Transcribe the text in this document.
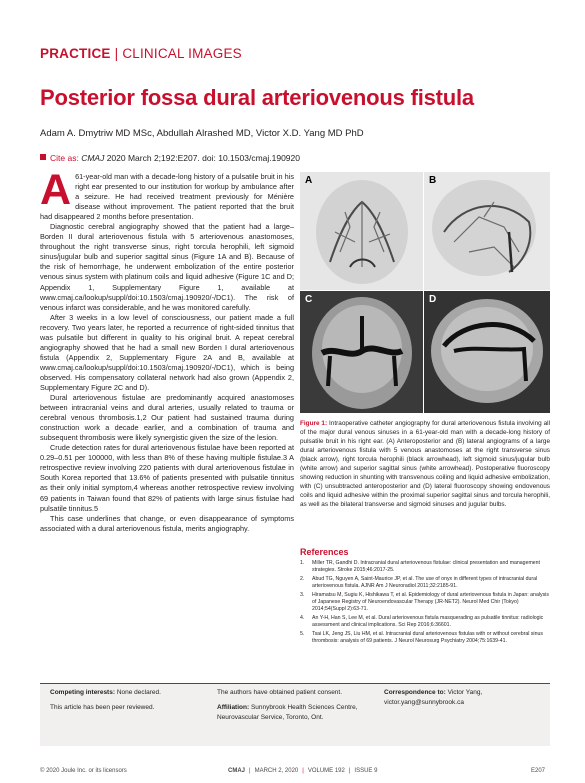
PRACTICE | CLINICAL IMAGES
Posterior fossa dural arteriovenous fistula
Adam A. Dmytriw MD MSc, Abdullah Alrashed MD, Victor X.D. Yang MD PhD
Cite as: CMAJ 2020 March 2;192:E207. doi: 10.1503/cmaj.190920

A 61-year-old man with a decade-long history of a pulsatile bruit in his right ear presented to our institution for workup by ambulance after a seizure. He had received treatment previously for Ménière disease without improvement. The patient reported that the bruit had disappeared 2 months before presentation.

Diagnostic cerebral angiography showed that the patient had a large–Borden II dural arteriovenous fistula with 5 arteriovenous anastomoses, throughout the right transverse sinus, right torcula herophili, left sigmoid sinus/jugular bulb and superior sagittal sinus (Figure 1A and B). Because of the risk of hemorrhage, he underwent embolization of the entire posterior venous sinus system with platinum coils and liquid adhesive (Figure 1C and D; Appendix 1, Supplementary Figure 1, available at www.cmaj.ca/lookup/suppl/doi:10.1503/cmaj.190920/-/DC1). The risk of venous infarct was considerable, and he was monitored carefully.

After 3 weeks in a low level of consciousness, our patient made a full recovery. Two years later, he reported a recurrence of right-sided tinnitus that was pulsatile but different in quality to his original bruit. A repeat cerebral angiography showed that he had a small new Borden I dural arteriovenous fistula (Appendix 2, Supplementary Figure 2A and B, available at www.cmaj.ca/lookup/suppl/doi:10.1503/cmaj.190920/-/DC1), which is being observed. His compensatory collateral network had also grown (Appendix 2, Supplementary Figure 2C and D).

Dural arteriovenous fistulae are predominantly acquired anastomoses between intracranial veins and dural arteries, usually related to trauma or cerebral venous thrombosis.1,2 Our patient had sustained trauma during construction work a decade earlier, and a combination of trauma and subsequent thrombosis were likely synergistic given the size of the lesion.

Crude detection rates for dural arteriovenous fistulae have been reported at 0.29–0.51 per 100000, with less than 8% of these having multiple fistulae.3 A retrospective review involving 220 patients with dural arteriovenous fistulae in South Korea reported that 13.6% of patients presented with pulsatile tinnitus as their only initial symptom,4 whereas another retrospective review involving 69 patients in Taiwan found that 82% of patients with large sinus fistulae had pulsatile tinnitus.5

This case underlines that change, or even disappearance of symptoms associated with a dural arteriovenous fistula, merits angiography.

A	B
C	D
Figure 1: Intraoperative catheter angiography for dural arteriovenous fistula involving all of the major dural venous sinuses in a 61-year-old man with a decade-long history of pulsatile bruit in his right ear. (A) Anteroposterior and (B) lateral angiograms of a large dural arteriovenous fistula with 5 venous anastomoses at the right transverse sinus (black arrow), right torcula herophili (black arrowhead), left sigmoid sinus/jugular bulb (white arrow) and superior sagittal sinus (white arrowhead). Postoperative fluoroscopy showing reduction in shunting with transvenous coiling and liquid adhesive embolization, with (C) unsubtracted anteroposterior and (D) lateral fluoroscopy showing endovenous coils and liquid adhesive within the proximal superior sagittal sinus and torcula herophili, as well as the bilateral transverse and sigmoid sinuses and jugular bulbs.
References
1.	Miller TR, Gandhi D. Intracranial dural arteriovenous fistulae: clinical presentation and management strategies. Stroke 2015;46:2017-25.
2.	Abud TG, Nguyen A, Saint-Maurice JP, et al. The use of onyx in different types of intracranial dural arteriovenous fistula. AJNR Am J Neuroradiol 2011;32:2185-91.
3.	Hiramatsu M, Sugiu K, Hishikawa T, et al. Epidemiology of dural arteriovenous fistula in Japan: analysis of Japanese Registry of Neuroendovascular Therapy (JR-NET2). Neurol Med Chir (Tokyo) 2014;54(Suppl 2):63-71.
4.	An Y-H, Han S, Lee M, et al. Dural arteriovenous fistula masquerading as pulsatile tinnitus: radiologic assessment and clinical implications. Sci Rep 2016;6:36601.
5.	Tsai LK, Jeng JS, Liu HM, et al. Intracranial dural arteriovenous fistulas with or without cerebral sinus thrombosis: analysis of 69 patients. J Neurol Neurosurg Psychiatry 2004;75:1639-41.
Competing interests: None declared.
This article has been peer reviewed.
The authors have obtained patient consent.
Affiliation: Sunnybrook Health Sciences Centre, Neurovascular Service, Toronto, Ont.
Correspondence to: Victor Yang, victor.yang@sunnybrook.ca
© 2020 Joule Inc. or its licensors	CMAJ | MARCH 2, 2020 | VOLUME 192 | ISSUE 9	E207
